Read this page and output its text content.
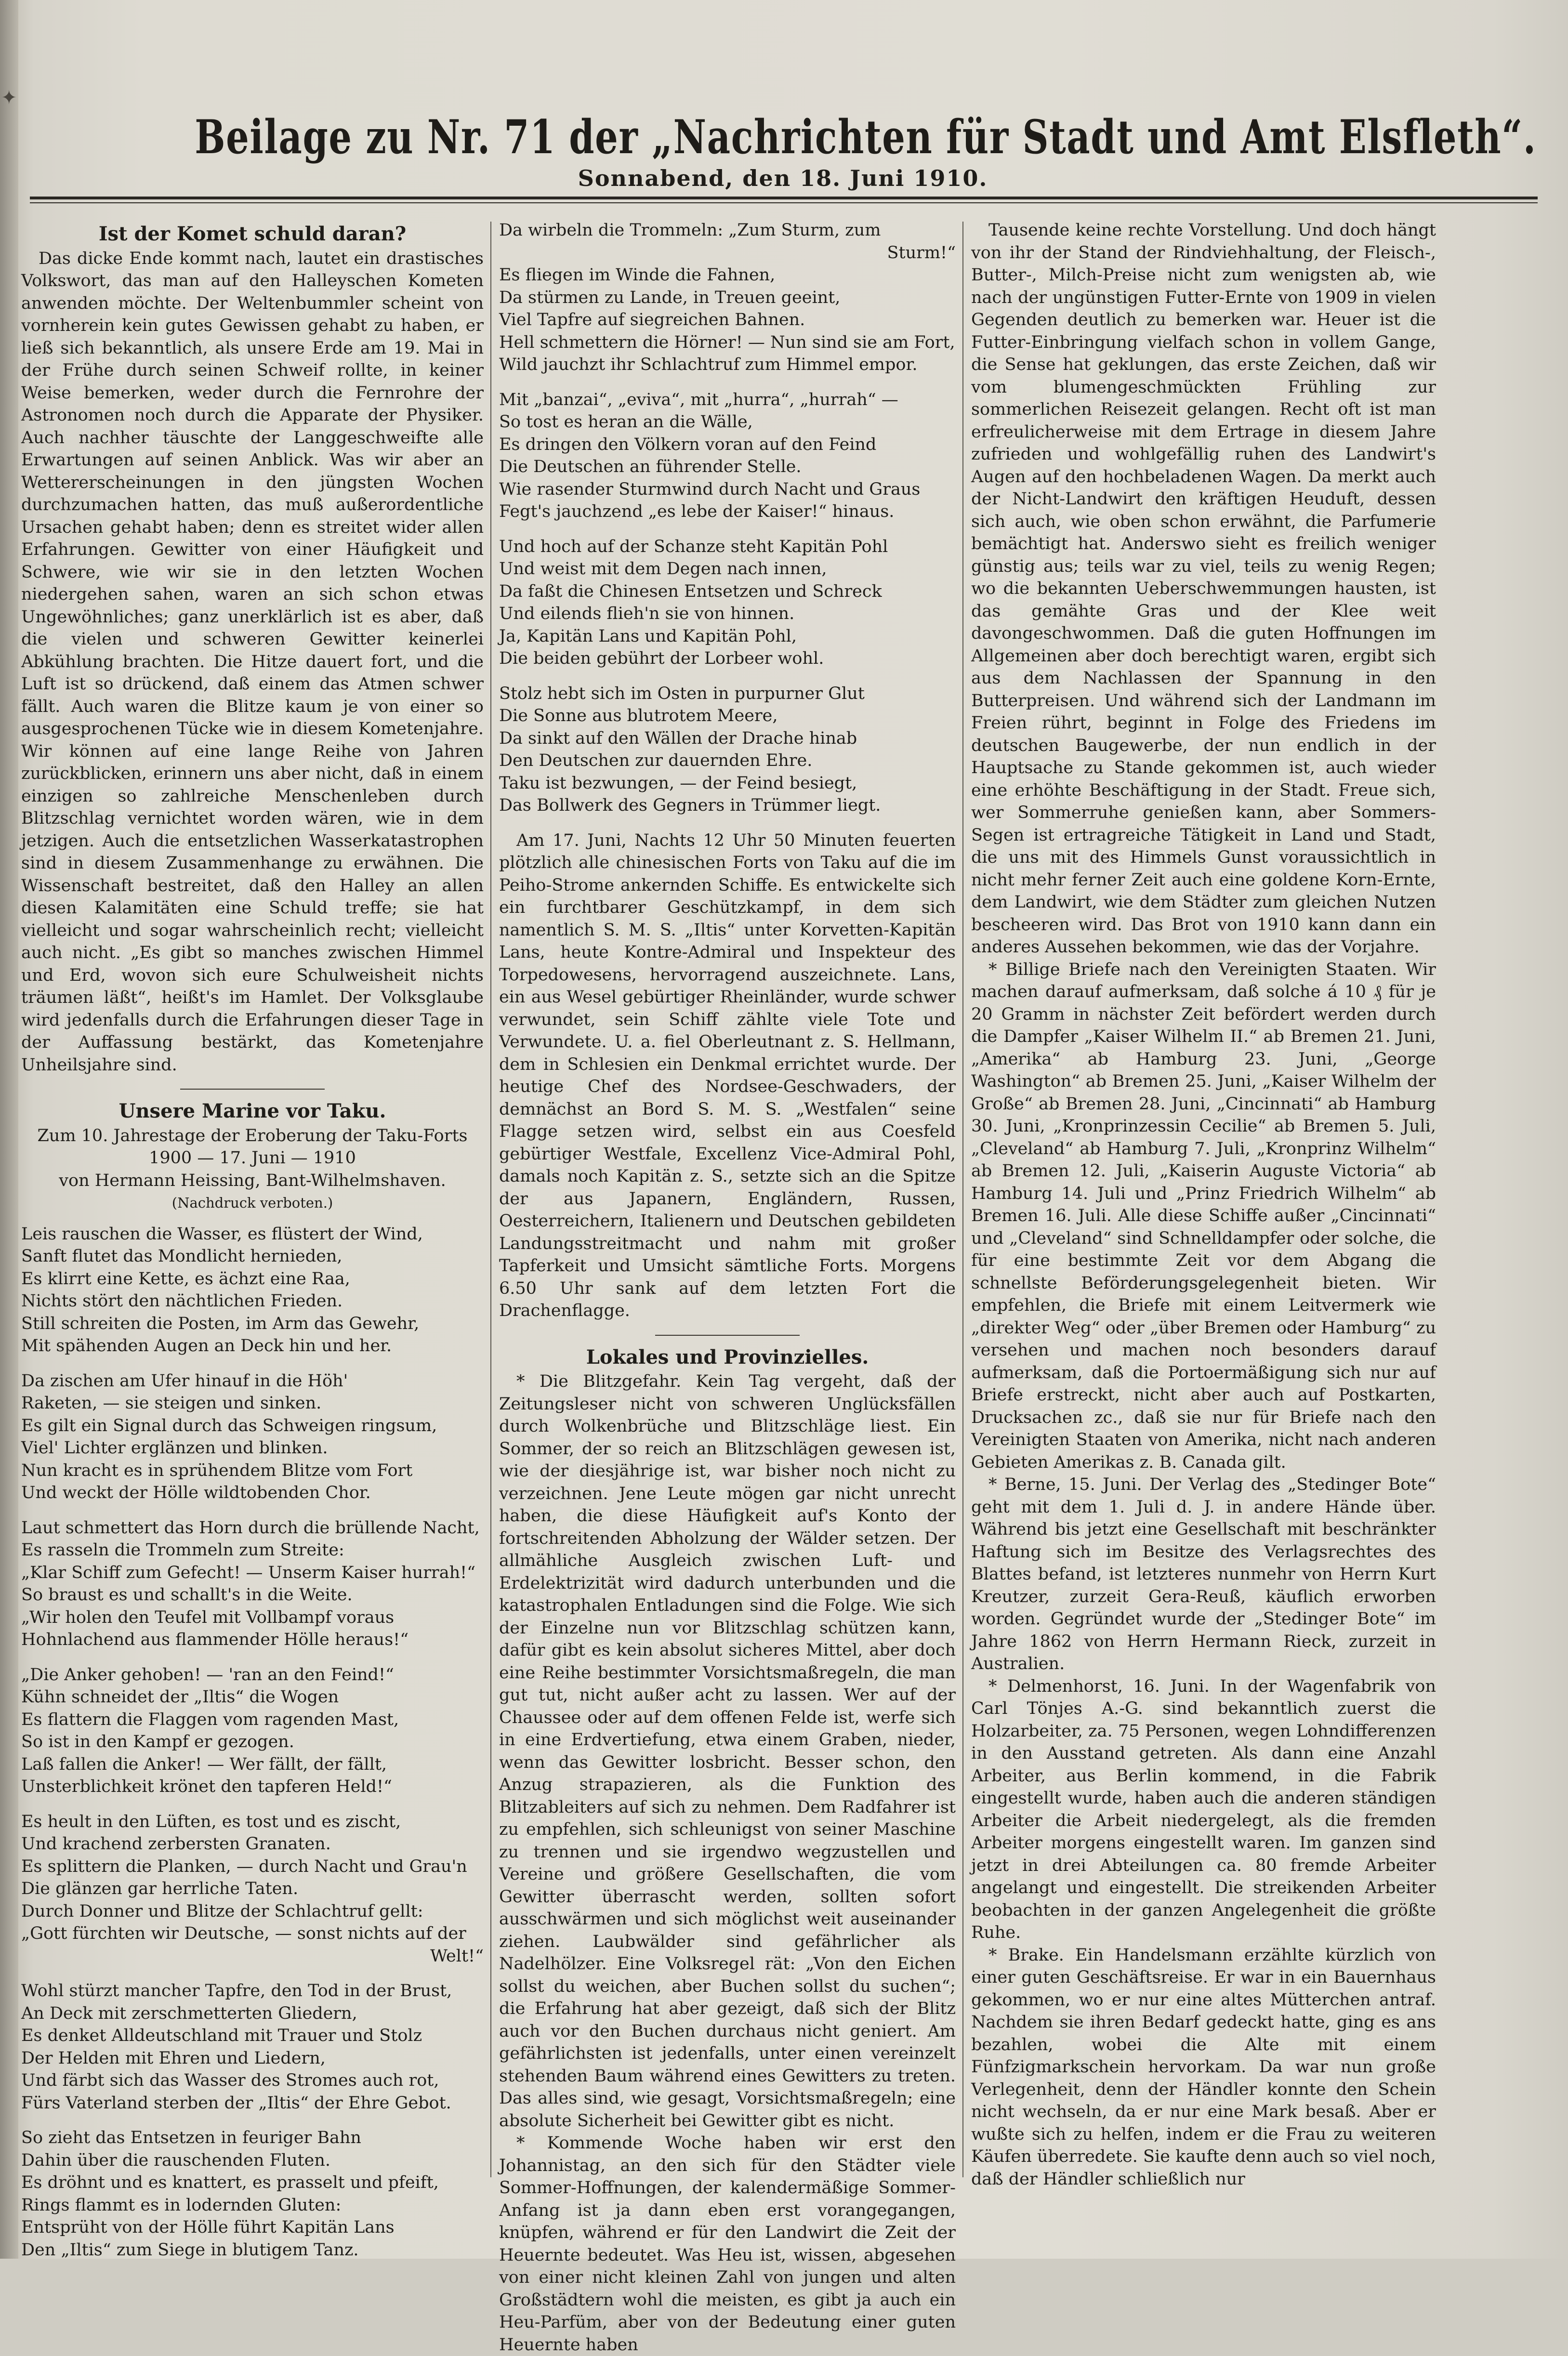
✦
Beilage zu Nr. 71 der „Nachrichten für Stadt und Amt Elsfleth“.
Sonnabend, den 18. Juni 1910.

Ist der Komet schuld daran?

Das dicke Ende kommt nach, lautet ein drastisches Volkswort, das man auf den Halleyschen Kometen anwenden möchte. Der Weltenbummler scheint von vornherein kein gutes Gewissen gehabt zu haben, er ließ sich bekanntlich, als unsere Erde am 19. Mai in der Frühe durch seinen Schweif rollte, in keiner Weise bemerken, weder durch die Fernrohre der Astronomen noch durch die Apparate der Physiker. Auch nachher täuschte der Langgeschweifte alle Erwartungen auf seinen Anblick. Was wir aber an Wettererscheinungen in den jüngsten Wochen durchzumachen hatten, das muß außerordentliche Ursachen gehabt haben; denn es streitet wider allen Erfahrungen. Gewitter von einer Häufigkeit und Schwere, wie wir sie in den letzten Wochen niedergehen sahen, waren an sich schon etwas Ungewöhnliches; ganz unerklärlich ist es aber, daß die vielen und schweren Gewitter keinerlei Abkühlung brachten. Die Hitze dauert fort, und die Luft ist so drückend, daß einem das Atmen schwer fällt. Auch waren die Blitze kaum je von einer so ausgesprochenen Tücke wie in diesem Kometenjahre. Wir können auf eine lange Reihe von Jahren zurückblicken, erinnern uns aber nicht, daß in einem einzigen so zahlreiche Menschenleben durch Blitzschlag vernichtet worden wären, wie in dem jetzigen. Auch die entsetzlichen Wasserkatastrophen sind in diesem Zusammenhange zu erwähnen. Die Wissenschaft bestreitet, daß den Halley an allen diesen Kalamitäten eine Schuld treffe; sie hat vielleicht und sogar wahrscheinlich recht; vielleicht auch nicht. „Es gibt so manches zwischen Himmel und Erd, wovon sich eure Schulweisheit nichts träumen läßt“, heißt's im Hamlet. Der Volksglaube wird jedenfalls durch die Erfahrungen dieser Tage in der Auffassung bestärkt, das Kometenjahre Unheilsjahre sind.

Unsere Marine vor Taku.

Zum 10. Jahrestage der Eroberung der Taku-Forts

1900 — 17. Juni — 1910

von Hermann Heissing, Bant-Wilhelmshaven.

(Nachdruck verboten.)

Leis rauschen die Wasser, es flüstert der Wind,
Sanft flutet das Mondlicht hernieden,
Es klirrt eine Kette, es ächzt eine Raa,
Nichts stört den nächtlichen Frieden.
Still schreiten die Posten, im Arm das Gewehr,
Mit spähenden Augen an Deck hin und her.
Da zischen am Ufer hinauf in die Höh'
Raketen, — sie steigen und sinken.
Es gilt ein Signal durch das Schweigen ringsum,
Viel' Lichter erglänzen und blinken.
Nun kracht es in sprühendem Blitze vom Fort
Und weckt der Hölle wildtobenden Chor.
Laut schmettert das Horn durch die brüllende Nacht,
Es rasseln die Trommeln zum Streite:
„Klar Schiff zum Gefecht! — Unserm Kaiser hurrah!“
So braust es und schallt's in die Weite.
„Wir holen den Teufel mit Vollbampf voraus
Hohnlachend aus flammender Hölle heraus!“
„Die Anker gehoben! — 'ran an den Feind!“
Kühn schneidet der „Iltis“ die Wogen
Es flattern die Flaggen vom ragenden Mast,
So ist in den Kampf er gezogen.
Laß fallen die Anker! — Wer fällt, der fällt,
Unsterblichkeit krönet den tapferen Held!“
Es heult in den Lüften, es tost und es zischt,
Und krachend zerbersten Granaten.
Es splittern die Planken, — durch Nacht und Grau'n
Die glänzen gar herrliche Taten.
Durch Donner und Blitze der Schlachtruf gellt:
„Gott fürchten wir Deutsche, — sonst nichts auf der
Welt!“
Wohl stürzt mancher Tapfre, den Tod in der Brust,
An Deck mit zerschmetterten Gliedern,
Es denket Alldeutschland mit Trauer und Stolz
Der Helden mit Ehren und Liedern,
Und färbt sich das Wasser des Stromes auch rot,
Fürs Vaterland sterben der „Iltis“ der Ehre Gebot.
So zieht das Entsetzen in feuriger Bahn
Dahin über die rauschenden Fluten.
Es dröhnt und es knattert, es prasselt und pfeift,
Rings flammt es in lodernden Gluten:
Entsprüht von der Hölle führt Kapitän Lans
Den „Iltis“ zum Siege in blutigem Tanz.
Da wirbeln die Trommeln: „Zum Sturm, zum
Sturm!“
Es fliegen im Winde die Fahnen,
Da stürmen zu Lande, in Treuen geeint,
Viel Tapfre auf siegreichen Bahnen.
Hell schmettern die Hörner! — Nun sind sie am Fort,
Wild jauchzt ihr Schlachtruf zum Himmel empor.
Mit „banzai“, „eviva“, mit „hurra“, „hurrah“ —
So tost es heran an die Wälle,
Es dringen den Völkern voran auf den Feind
Die Deutschen an führender Stelle.
Wie rasender Sturmwind durch Nacht und Graus
Fegt's jauchzend „es lebe der Kaiser!“ hinaus.
Und hoch auf der Schanze steht Kapitän Pohl
Und weist mit dem Degen nach innen,
Da faßt die Chinesen Entsetzen und Schreck
Und eilends flieh'n sie von hinnen.
Ja, Kapitän Lans und Kapitän Pohl,
Die beiden gebührt der Lorbeer wohl.
Stolz hebt sich im Osten in purpurner Glut
Die Sonne aus blutrotem Meere,
Da sinkt auf den Wällen der Drache hinab
Den Deutschen zur dauernden Ehre.
Taku ist bezwungen, — der Feind besiegt,
Das Bollwerk des Gegners in Trümmer liegt.

Am 17. Juni, Nachts 12 Uhr 50 Minuten feuerten plötzlich alle chinesischen Forts von Taku auf die im Peiho-Strome ankernden Schiffe. Es entwickelte sich ein furchtbarer Geschützkampf, in dem sich namentlich S. M. S. „Iltis“ unter Korvetten-Kapitän Lans, heute Kontre-Admiral und Inspekteur des Torpedowesens, hervorragend auszeichnete. Lans, ein aus Wesel gebürtiger Rheinländer, wurde schwer verwundet, sein Schiff zählte viele Tote und Verwundete. U. a. fiel Oberleutnant z. S. Hellmann, dem in Schlesien ein Denkmal errichtet wurde. Der heutige Chef des Nordsee-Geschwaders, der demnächst an Bord S. M. S. „Westfalen“ seine Flagge setzen wird, selbst ein aus Coesfeld gebürtiger Westfale, Excellenz Vice-Admiral Pohl, damals noch Kapitän z. S., setzte sich an die Spitze der aus Japanern, Engländern, Russen, Oesterreichern, Italienern und Deutschen gebildeten Landungsstreitmacht und nahm mit großer Tapferkeit und Umsicht sämtliche Forts. Morgens 6.50 Uhr sank auf dem letzten Fort die Drachenflagge.

Lokales und Provinzielles.

* Die Blitzgefahr. Kein Tag vergeht, daß der Zeitungsleser nicht von schweren Unglücksfällen durch Wolkenbrüche und Blitzschläge liest. Ein Sommer, der so reich an Blitzschlägen gewesen ist, wie der diesjährige ist, war bisher noch nicht zu verzeichnen. Jene Leute mögen gar nicht unrecht haben, die diese Häufigkeit auf's Konto der fortschreitenden Abholzung der Wälder setzen. Der allmähliche Ausgleich zwischen Luft- und Erdelektrizität wird dadurch unterbunden und die katastrophalen Entladungen sind die Folge. Wie sich der Einzelne nun vor Blitzschlag schützen kann, dafür gibt es kein absolut sicheres Mittel, aber doch eine Reihe bestimmter Vorsichtsmaßregeln, die man gut tut, nicht außer acht zu lassen. Wer auf der Chaussee oder auf dem offenen Felde ist, werfe sich in eine Erdvertiefung, etwa einem Graben, nieder, wenn das Gewitter losbricht. Besser schon, den Anzug strapazieren, als die Funktion des Blitzableiters auf sich zu nehmen. Dem Radfahrer ist zu empfehlen, sich schleunigst von seiner Maschine zu trennen und sie irgendwo wegzustellen und Vereine und größere Gesellschaften, die vom Gewitter überrascht werden, sollten sofort ausschwärmen und sich möglichst weit auseinander ziehen. Laubwälder sind gefährlicher als Nadelhölzer. Eine Volksregel rät: „Von den Eichen sollst du weichen, aber Buchen sollst du suchen“; die Erfahrung hat aber gezeigt, daß sich der Blitz auch vor den Buchen durchaus nicht geniert. Am gefährlichsten ist jedenfalls, unter einen vereinzelt stehenden Baum während eines Gewitters zu treten. Das alles sind, wie gesagt, Vorsichtsmaßregeln; eine absolute Sicherheit bei Gewitter gibt es nicht.

* Kommende Woche haben wir erst den Johannistag, an den sich für den Städter viele Sommer-Hoffnungen, der kalendermäßige Sommer-Anfang ist ja dann eben erst vorangegangen, knüpfen, während er für den Landwirt die Zeit der Heuernte bedeutet. Was Heu ist, wissen, abgesehen von einer nicht kleinen Zahl von jungen und alten Großstädtern wohl die meisten, es gibt ja auch ein Heu-Parfüm, aber von der Bedeutung einer guten Heuernte haben

Tausende keine rechte Vorstellung. Und doch hängt von ihr der Stand der Rindviehhaltung, der Fleisch-, Butter-, Milch-Preise nicht zum wenigsten ab, wie nach der ungünstigen Futter-Ernte von 1909 in vielen Gegenden deutlich zu bemerken war. Heuer ist die Futter-Einbringung vielfach schon in vollem Gange, die Sense hat geklungen, das erste Zeichen, daß wir vom blumengeschmückten Frühling zur sommerlichen Reisezeit gelangen. Recht oft ist man erfreulicherweise mit dem Ertrage in diesem Jahre zufrieden und wohlgefällig ruhen des Landwirt's Augen auf den hochbeladenen Wagen. Da merkt auch der Nicht-Landwirt den kräftigen Heuduft, dessen sich auch, wie oben schon erwähnt, die Parfumerie bemächtigt hat. Anderswo sieht es freilich weniger günstig aus; teils war zu viel, teils zu wenig Regen; wo die bekannten Ueberschwemmungen hausten, ist das gemähte Gras und der Klee weit davongeschwommen. Daß die guten Hoffnungen im Allgemeinen aber doch berechtigt waren, ergibt sich aus dem Nachlassen der Spannung in den Butterpreisen. Und während sich der Landmann im Freien rührt, beginnt in Folge des Friedens im deutschen Baugewerbe, der nun endlich in der Hauptsache zu Stande gekommen ist, auch wieder eine erhöhte Beschäftigung in der Stadt. Freue sich, wer Sommerruhe genießen kann, aber Sommers-Segen ist ertragreiche Tätigkeit in Land und Stadt, die uns mit des Himmels Gunst voraussichtlich in nicht mehr ferner Zeit auch eine goldene Korn-Ernte, dem Landwirt, wie dem Städter zum gleichen Nutzen bescheeren wird. Das Brot von 1910 kann dann ein anderes Aussehen bekommen, wie das der Vorjahre.

* Billige Briefe nach den Vereinigten Staaten. Wir machen darauf aufmerksam, daß solche á 10 ₰ für je 20 Gramm in nächster Zeit befördert werden durch die Dampfer „Kaiser Wilhelm II.“ ab Bremen 21. Juni, „Amerika“ ab Hamburg 23. Juni, „George Washington“ ab Bremen 25. Juni, „Kaiser Wilhelm der Große“ ab Bremen 28. Juni, „Cincinnati“ ab Hamburg 30. Juni, „Kronprinzessin Cecilie“ ab Bremen 5. Juli, „Cleveland“ ab Hamburg 7. Juli, „Kronprinz Wilhelm“ ab Bremen 12. Juli, „Kaiserin Auguste Victoria“ ab Hamburg 14. Juli und „Prinz Friedrich Wilhelm“ ab Bremen 16. Juli. Alle diese Schiffe außer „Cincinnati“ und „Cleveland“ sind Schnelldampfer oder solche, die für eine bestimmte Zeit vor dem Abgang die schnellste Beförderungsgelegenheit bieten. Wir empfehlen, die Briefe mit einem Leitvermerk wie „direkter Weg“ oder „über Bremen oder Hamburg“ zu versehen und machen noch besonders darauf aufmerksam, daß die Portoermäßigung sich nur auf Briefe erstreckt, nicht aber auch auf Postkarten, Drucksachen zc., daß sie nur für Briefe nach den Vereinigten Staaten von Amerika, nicht nach anderen Gebieten Amerikas z. B. Canada gilt.

* Berne, 15. Juni. Der Verlag des „Stedinger Bote“ geht mit dem 1. Juli d. J. in andere Hände über. Während bis jetzt eine Gesellschaft mit beschränkter Haftung sich im Besitze des Verlagsrechtes des Blattes befand, ist letzteres nunmehr von Herrn Kurt Kreutzer, zurzeit Gera-Reuß, käuflich erworben worden. Gegründet wurde der „Stedinger Bote“ im Jahre 1862 von Herrn Hermann Rieck, zurzeit in Australien.

* Delmenhorst, 16. Juni. In der Wagenfabrik von Carl Tönjes A.-G. sind bekanntlich zuerst die Holzarbeiter, za. 75 Personen, wegen Lohndifferenzen in den Ausstand getreten. Als dann eine Anzahl Arbeiter, aus Berlin kommend, in die Fabrik eingestellt wurde, haben auch die anderen ständigen Arbeiter die Arbeit niedergelegt, als die fremden Arbeiter morgens eingestellt waren. Im ganzen sind jetzt in drei Abteilungen ca. 80 fremde Arbeiter angelangt und eingestellt. Die streikenden Arbeiter beobachten in der ganzen Angelegenheit die größte Ruhe.

* Brake. Ein Handelsmann erzählte kürzlich von einer guten Geschäftsreise. Er war in ein Bauernhaus gekommen, wo er nur eine altes Mütterchen antraf. Nachdem sie ihren Bedarf gedeckt hatte, ging es ans bezahlen, wobei die Alte mit einem Fünfzigmarkschein hervorkam. Da war nun große Verlegenheit, denn der Händler konnte den Schein nicht wechseln, da er nur eine Mark besaß. Aber er wußte sich zu helfen, indem er die Frau zu weiteren Käufen überredete. Sie kaufte denn auch so viel noch, daß der Händler schließlich nur
